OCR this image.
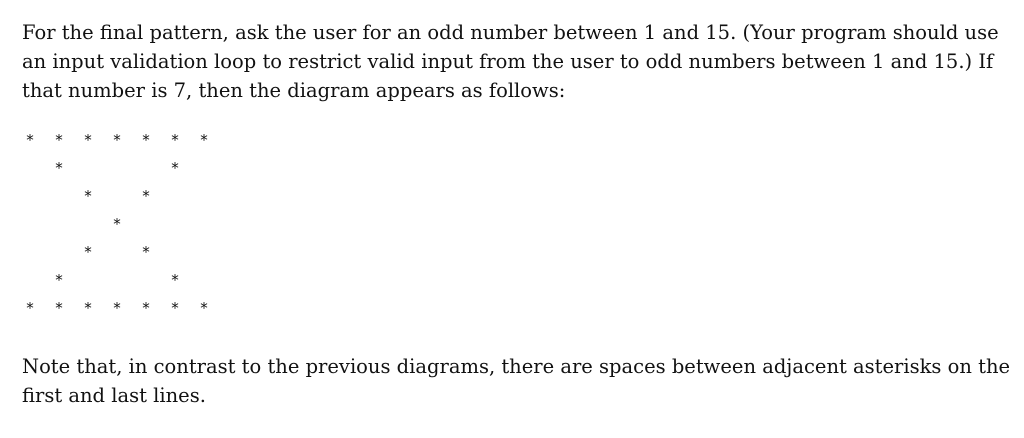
For the final pattern, ask the user for an odd number between 1 and 15. (Your program should use an input validation loop to restrict valid input from the user to odd numbers between 1 and 15.) If that number is 7, then the diagram appears as follows:

* * * * * * *
*	*
*	*
*
*	*
*	*
* * * * * * *

Note that, in contrast to the previous diagrams, there are spaces between adjacent asterisks on the first and last lines.
